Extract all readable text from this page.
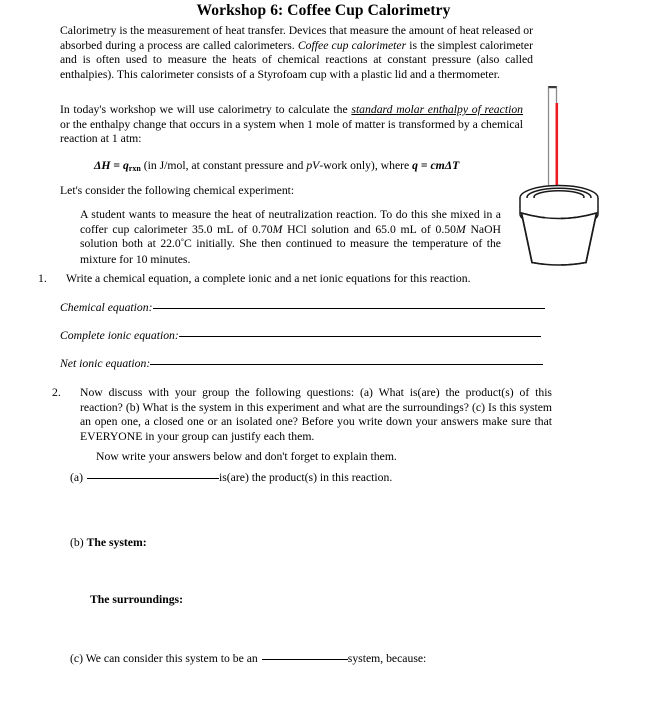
Workshop 6: Coffee Cup Calorimetry
Calorimetry is the measurement of heat transfer. Devices that measure the amount of heat released or absorbed during a process are called calorimeters. Coffee cup calorimeter is the simplest calorimeter and is often used to measure the heats of chemical reactions at constant pressure (also called enthalpies). This calorimeter consists of a Styrofoam cup with a plastic lid and a thermometer.
In today's workshop we will use calorimetry to calculate the standard molar enthalpy of reaction or the enthalpy change that occurs in a system when 1 mole of matter is transformed by a chemical reaction at 1 atm:
$\Delta H = q_{rxn}$ (in J/mol, at constant pressure and pV-work only), where q = cmΔT
Let's consider the following chemical experiment:
A student wants to measure the heat of neutralization reaction. To do this she mixed in a coffer cup calorimeter 35.0 mL of 0.70M HCl solution and 65.0 mL of 0.50M NaOH solution both at 22.0°C initially. She then continued to measure the temperature of the mixture for 10 minutes.
1.	Write a chemical equation, a complete ionic and a net ionic equations for this reaction.
Chemical equation:
Complete ionic equation:
Net ionic equation:
2.	Now discuss with your group the following questions: (a) What is(are) the product(s) of this reaction? (b) What is the system in this experiment and what are the surroundings? (c) Is this system an open one, a closed one or an isolated one? Before you write down your answers make sure that EVERYONE in your group can justify each them.
Now write your answers below and don't forget to explain them.
(a)	is(are) the product(s) in this reaction.
(b) The system:
The surroundings:
(c) We can consider this system to be an	system, because:
